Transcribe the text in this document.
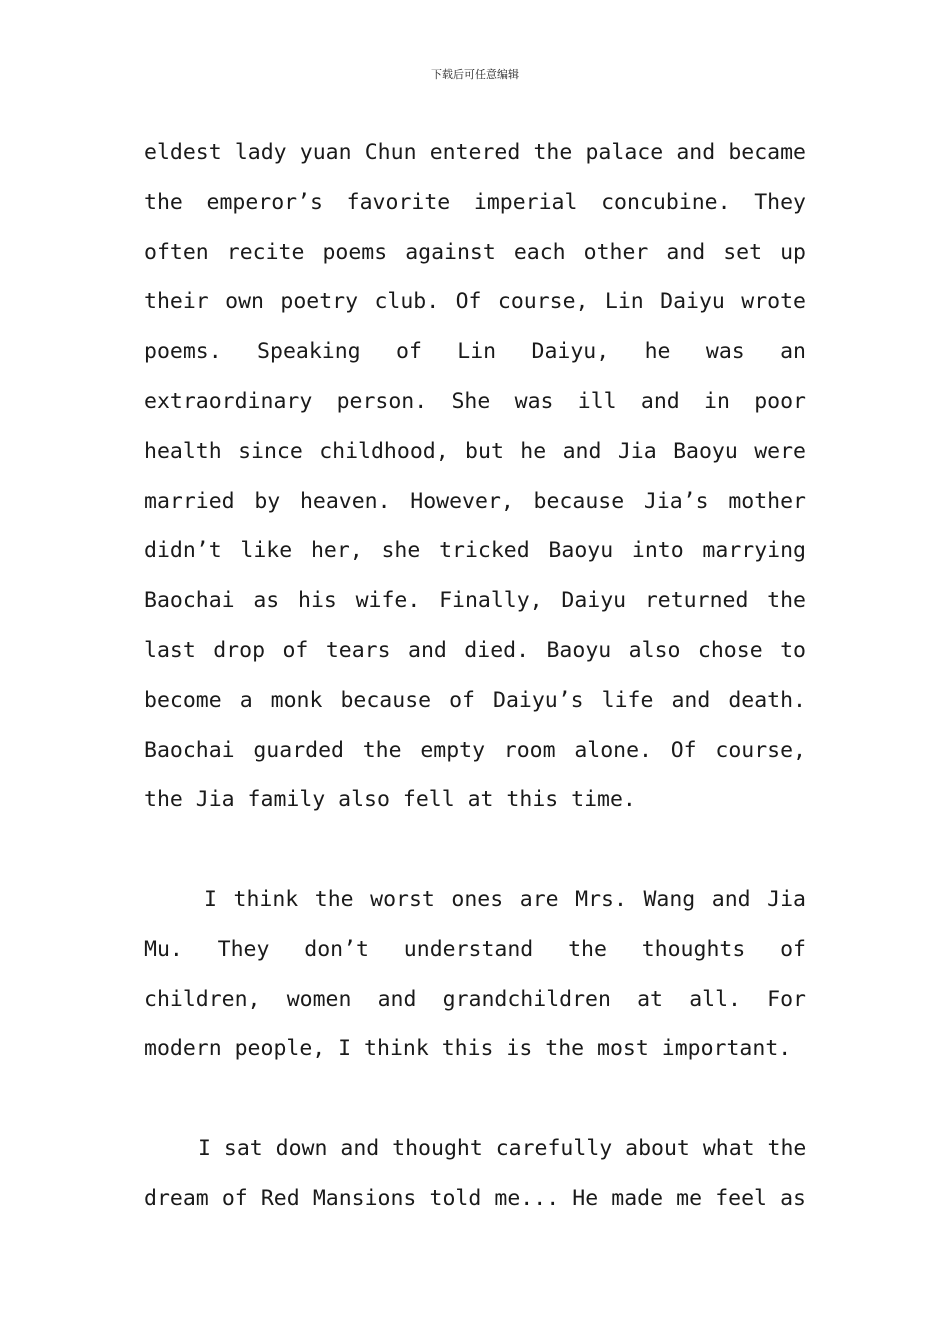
下载后可任意编辑
eldest lady yuan Chun entered the palace and became
the emperor’s favorite imperial concubine. They
often recite poems against each other and set up
their own poetry club. Of course, Lin Daiyu wrote
poems. Speaking of Lin Daiyu, he was an
extraordinary person. She was ill and in poor
health since childhood, but he and Jia Baoyu were
married by heaven. However, because Jia’s mother
didn’t like her, she tricked Baoyu into marrying
Baochai as his wife. Finally, Daiyu returned the
last drop of tears and died. Baoyu also chose to
become a monk because of Daiyu’s life and death.
Baochai guarded the empty room alone. Of course,
the Jia family also fell at this time.
I think the worst ones are Mrs. Wang and Jia
Mu. They don’t understand the thoughts of
children, women and grandchildren at all. For
modern people, I think this is the most important.
I sat down and thought carefully about what the
dream of Red Mansions told me... He made me feel as
